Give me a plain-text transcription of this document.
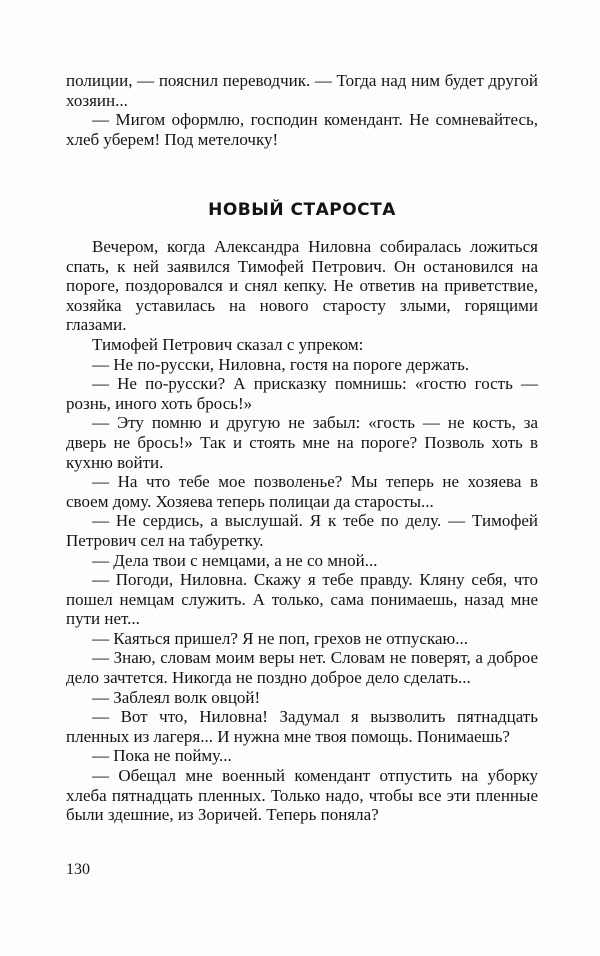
полиции, — пояснил переводчик. — Тогда над ним будет другой хозяин...

— Мигом оформлю, господин комендант. Не сомневайтесь, хлеб уберем! Под метелочку!

НОВЫЙ СТАРОСТА

Вечером, когда Александра Ниловна собиралась ложиться спать, к ней заявился Тимофей Петрович. Он остановился на пороге, поздоровался и снял кепку. Не ответив на приветствие, хозяйка уставилась на нового старосту злыми, горящими глазами.

Тимофей Петрович сказал с упреком:

— Не по-русски, Ниловна, гостя на пороге держать.

— Не по-русски? А присказку помнишь: «гостю гость — рознь, иного хоть брось!»

— Эту помню и другую не забыл: «гость — не кость, за дверь не брось!» Так и стоять мне на пороге? Позволь хоть в кухню войти.

— На что тебе мое позволенье? Мы теперь не хозяева в своем дому. Хозяева теперь полицаи да старосты...

— Не сердись, а выслушай. Я к тебе по делу. — Тимофей Петрович сел на табуретку.

— Дела твои с немцами, а не со мной...

— Погоди, Ниловна. Скажу я тебе правду. Кляну себя, что пошел немцам служить. А только, сама понимаешь, назад мне пути нет...

— Каяться пришел? Я не поп, грехов не отпускаю...

— Знаю, словам моим веры нет. Словам не поверят, а доброе дело зачтется. Никогда не поздно доброе дело сделать...

— Заблеял волк овцой!

— Вот что, Ниловна! Задумал я вызволить пятнадцать пленных из лагеря... И нужна мне твоя помощь. Понимаешь?

— Пока не пойму...

— Обещал мне военный комендант отпустить на уборку хлеба пятнадцать пленных. Только надо, чтобы все эти пленные были здешние, из Зоричей. Теперь поняла?

130
